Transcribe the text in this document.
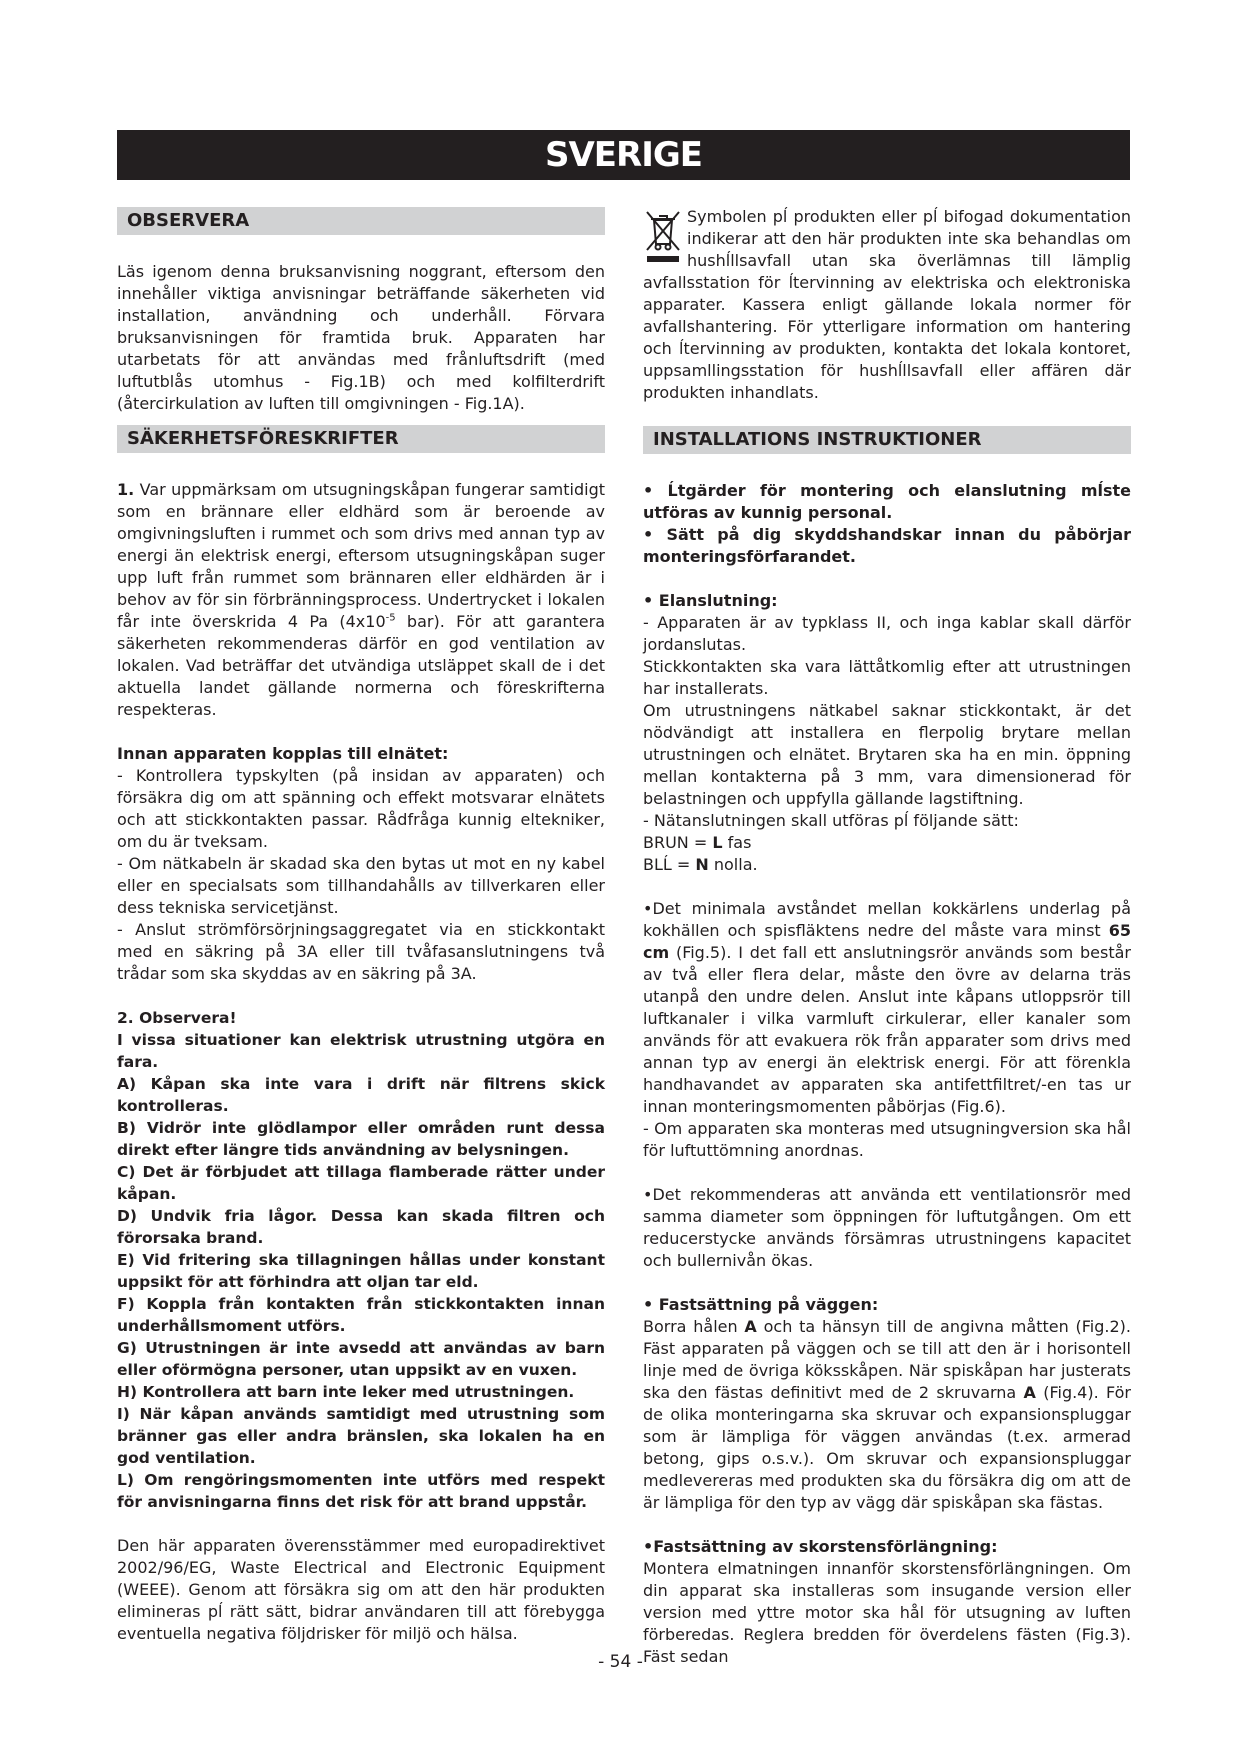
SVERIGE	S
OBSERVERA

Läs igenom denna bruksanvisning noggrant, eftersom den innehåller viktiga anvisningar beträffande säkerheten vid installation, användning och underhåll. Förvara bruksanvisningen för framtida bruk. Apparaten har utarbetats för att användas med frånluftsdrift (med luftutblås utomhus - Fig.1B) och med kolfilterdrift (återcirkulation av luften till omgivningen - Fig.1A).

SÄKERHETSFÖRESKRIFTER

1. Var uppmärksam om utsugningskåpan fungerar samtidigt som en brännare eller eldhärd som är beroende av omgivningsluften i rummet och som drivs med annan typ av energi än elektrisk energi, eftersom utsugningskåpan suger upp luft från rummet som brännaren eller eldhärden är i behov av för sin förbränningsprocess. Undertrycket i lokalen får inte överskrida 4 Pa ($4x10^{-5}$ bar). För att garantera säkerheten rekommenderas därför en god ventilation av lokalen. Vad beträffar det utvändiga utsläppet skall de i det aktuella landet gällande normerna och föreskrifterna respekteras.

Innan apparaten kopplas till elnätet:

- Kontrollera typskylten (på insidan av apparaten) och försäkra dig om att spänning och effekt motsvarar elnätets och att stickkontakten passar. Rådfråga kunnig eltekniker, om du är tveksam.

- Om nätkabeln är skadad ska den bytas ut mot en ny kabel eller en specialsats som tillhandahålls av tillverkaren eller dess tekniska servicetjänst.

- Anslut strömförsörjningsaggregatet via en stickkontakt med en säkring på 3A eller till tvåfasanslutningens två trådar som ska skyddas av en säkring på 3A.

2. Observera!

I vissa situationer kan elektrisk utrustning utgöra en fara.

A) Kåpan ska inte vara i drift när filtrens skick kontrolleras.

B) Vidrör inte glödlampor eller områden runt dessa direkt efter längre tids användning av belysningen.

C) Det är förbjudet att tillaga flamberade rätter under kåpan.

D) Undvik fria lågor. Dessa kan skada filtren och förorsaka brand.

E) Vid fritering ska tillagningen hållas under konstant uppsikt för att förhindra att oljan tar eld.

F) Koppla från kontakten från stickkontakten innan underhållsmoment utförs.

G) Utrustningen är inte avsedd att användas av barn eller oförmögna personer, utan uppsikt av en vuxen.

H) Kontrollera att barn inte leker med utrustningen.

I) När kåpan används samtidigt med utrustning som bränner gas eller andra bränslen, ska lokalen ha en god ventilation.

L) Om rengöringsmomenten inte utförs med respekt för anvisningarna finns det risk för att brand uppstår.

Den här apparaten överensstämmer med europadirektivet 2002/96/EG, Waste Electrical and Electronic Equipment (WEEE). Genom att försäkra sig om att den här produkten elimineras pĺ rätt sätt, bidrar användaren till att förebygga eventuella negativa följdrisker för miljö och hälsa.

Symbolen pĺ produkten eller pĺ bifogad dokumentation indikerar att den här produkten inte ska behandlas om hushĺllsavfall utan ska överlämnas till lämplig avfallsstation för ĺtervinning av elektriska och elektroniska apparater. Kassera enligt gällande lokala normer för avfallshantering. För ytterligare information om hantering och ĺtervinning av produkten, kontakta det lokala kontoret, uppsamllingsstation för hushĺllsavfall eller affären där produkten inhandlats.

INSTALLATIONS INSTRUKTIONER

• Ĺtgärder för montering och elanslutning mĺste utföras av kunnig personal.

• Sätt på dig skyddshandskar innan du påbörjar monteringsförfarandet.

• Elanslutning:

- Apparaten är av typklass II, och inga kablar skall därför jordanslutas.

Stickkontakten ska vara lättåtkomlig efter att utrustningen har installerats.

Om utrustningens nätkabel saknar stickkontakt, är det nödvändigt att installera en flerpolig brytare mellan utrustningen och elnätet. Brytaren ska ha en min. öppning mellan kontakterna på 3 mm, vara dimensionerad för belastningen och uppfylla gällande lagstiftning.

- Nätanslutningen skall utföras pĺ följande sätt:

BRUN = L fas

BLĹ = N nolla.

•Det minimala avståndet mellan kokkärlens underlag på kokhällen och spisfläktens nedre del måste vara minst 65 cm (Fig.5). I det fall ett anslutningsrör används som består av två eller flera delar, måste den övre av delarna träs utanpå den undre delen. Anslut inte kåpans utloppsrör till luftkanaler i vilka varmluft cirkulerar, eller kanaler som används för att evakuera rök från apparater som drivs med annan typ av energi än elektrisk energi. För att förenkla handhavandet av apparaten ska antifettfiltret/-en tas ur innan monteringsmomenten påbörjas (Fig.6).

- Om apparaten ska monteras med utsugningversion ska hål för luftuttömning anordnas.

•Det rekommenderas att använda ett ventilationsrör med samma diameter som öppningen för luftutgången. Om ett reducerstycke används försämras utrustningens kapacitet och bullernivån ökas.

• Fastsättning på väggen:

Borra hålen A och ta hänsyn till de angivna måtten (Fig.2). Fäst apparaten på väggen och se till att den är i horisontell linje med de övriga köksskåpen. När spiskåpan har justerats ska den fästas definitivt med de 2 skruvarna A (Fig.4). För de olika monteringarna ska skruvar och expansionspluggar som är lämpliga för väggen användas (t.ex. armerad betong, gips o.s.v.). Om skruvar och expansionspluggar medlevereras med produkten ska du försäkra dig om att de är lämpliga för den typ av vägg där spiskåpan ska fästas.

•Fastsättning av skorstensförlängning:

Montera elmatningen innanför skorstensförlängningen. Om din apparat ska installeras som insugande version eller version med yttre motor ska hål för utsugning av luften förberedas. Reglera bredden för överdelens fästen (Fig.3). Fäst sedan

- 54 -
